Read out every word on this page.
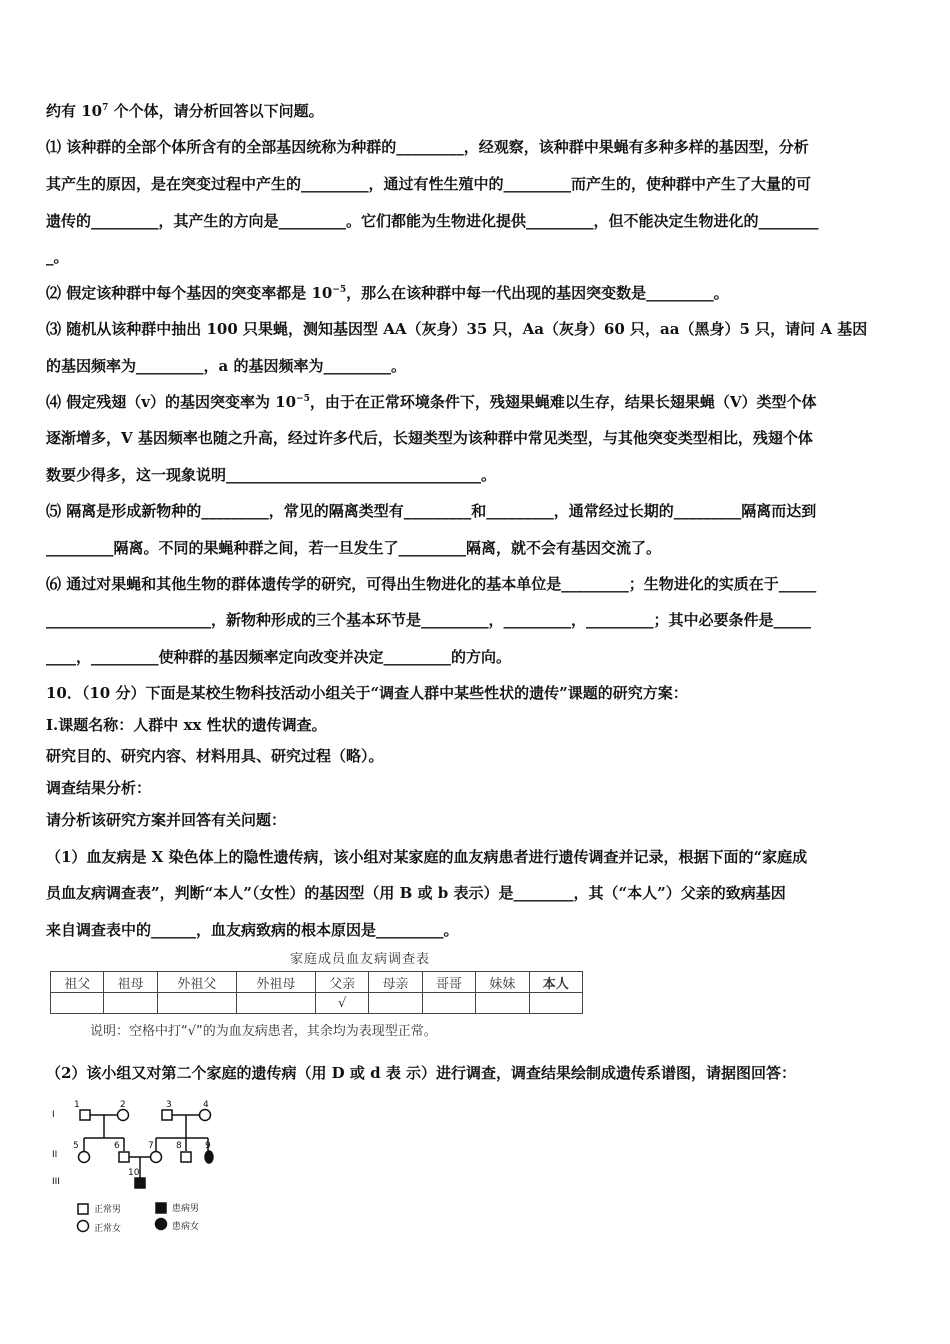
约有 $10^7$ 个个体，请分析回答以下问题。
⑴ 该种群的全部个体所含有的全部基因统称为种群的_________，经观察，该种群中果蝇有多种多样的基因型，分析
其产生的原因，是在突变过程中产生的_________，通过有性生殖中的_________而产生的，使种群中产生了大量的可
遗传的_________，其产生的方向是_________。它们都能为生物进化提供_________，但不能决定生物进化的________
_。
⑵ 假定该种群中每个基因的突变率都是 $10^{-5}$，那么在该种群中每一代出现的基因突变数是_________。
⑶ 随机从该种群中抽出 100 只果蝇，测知基因型 AA（灰身）35 只，Aa（灰身）60 只，aa（黑身）5 只，请问 A 基因
的基因频率为_________，a 的基因频率为_________。
⑷ 假定残翅（v）的基因突变率为 $10^{-5}$，由于在正常环境条件下，残翅果蝇难以生存，结果长翅果蝇（V）类型个体
逐渐增多，V 基因频率也随之升高，经过许多代后，长翅类型为该种群中常见类型，与其他突变类型相比，残翅个体
数要少得多，这一现象说明__________________________________。
⑸ 隔离是形成新物种的_________，常见的隔离类型有_________和_________，通常经过长期的_________隔离而达到
_________隔离。不同的果蝇种群之间，若一旦发生了_________隔离，就不会有基因交流了。
⑹ 通过对果蝇和其他生物的群体遗传学的研究，可得出生物进化的基本单位是_________；生物进化的实质在于_____
______________________，新物种形成的三个基本环节是_________，_________，_________；其中必要条件是_____
____，_________使种群的基因频率定向改变并决定_________的方向。
10．（10 分）下面是某校生物科技活动小组关于“调查人群中某些性状的遗传”课题的研究方案：
I.课题名称：人群中 xx 性状的遗传调查。
研究目的、研究内容、材料用具、研究过程（略）。
调查结果分析：
请分析该研究方案并回答有关问题：
（1）血友病是 X 染色体上的隐性遗传病，该小组对某家庭的血友病患者进行遗传调查并记录，根据下面的“家庭成
员血友病调查表”，判断“本人”（女性）的基因型（用 B 或 b 表示）是________，其（“本人”）父亲的致病基因
来自调查表中的______，血友病致病的根本原因是_________。
（2）该小组又对第二个家庭的遗传病（用 D 或 d 表 示）进行调查，调查结果绘制成遗传系谱图，请据图回答：
家庭成员血友病调查表
祖父	祖母	外祖父	外祖母	父亲	母亲	哥哥	妹妹	本人
				√				
说明：空格中打“√”的为血友病患者，其余均为表现型正常。
I
II
III
1	2	3	4
5	6	7 8	9
10
正常男	患病男
正常女	患病女
